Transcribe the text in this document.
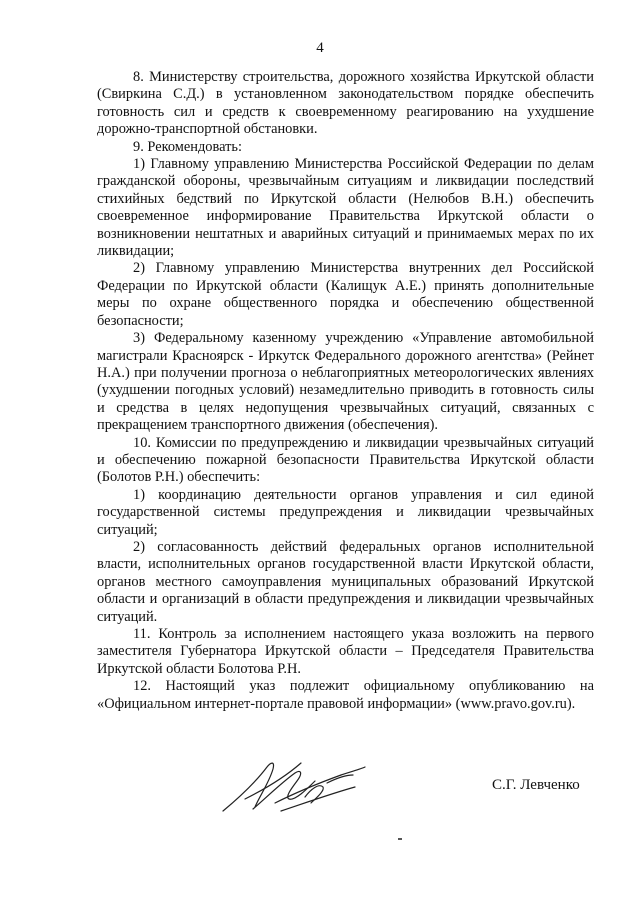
4

8. Министерству строительства, дорожного хозяйства Иркутской области (Свиркина С.Д.) в установленном законодательством порядке обеспечить готовность сил и средств к своевременному реагированию на ухудшение дорожно-транспортной обстановки.

9. Рекомендовать:

1) Главному управлению Министерства Российской Федерации по делам гражданской обороны, чрезвычайным ситуациям и ликвидации последствий стихийных бедствий по Иркутской области (Нелюбов В.Н.) обеспечить своевременное информирование Правительства Иркутской области о возникновении нештатных и аварийных ситуаций и принимаемых мерах по их ликвидации;

2) Главному управлению Министерства внутренних дел Российской Федерации по Иркутской области (Калищук А.Е.) принять дополнительные меры по охране общественного порядка и обеспечению общественной безопасности;

3) Федеральному казенному учреждению «Управление автомобильной магистрали Красноярск - Иркутск Федерального дорожного агентства» (Рейнет Н.А.) при получении прогноза о неблагоприятных метеорологических явлениях (ухудшении погодных условий) незамедлительно приводить в готовность силы и средства в целях недопущения чрезвычайных ситуаций, связанных с прекращением транспортного движения (обеспечения).

10. Комиссии по предупреждению и ликвидации чрезвычайных ситуаций и обеспечению пожарной безопасности Правительства Иркутской области (Болотов Р.Н.) обеспечить:

1) координацию деятельности органов управления и сил единой государственной системы предупреждения и ликвидации чрезвычайных ситуаций;

2) согласованность действий федеральных органов исполнительной власти, исполнительных органов государственной власти Иркутской области, органов местного самоуправления муниципальных образований Иркутской области и организаций в области предупреждения и ликвидации чрезвычайных ситуаций.

11. Контроль за исполнением настоящего указа возложить на первого заместителя Губернатора Иркутской области – Председателя Правительства Иркутской области Болотова Р.Н.

12. Настоящий указ подлежит официальному опубликованию на «Официальном интернет-портале правовой информации» (www.pravo.gov.ru).

С.Г. Левченко
